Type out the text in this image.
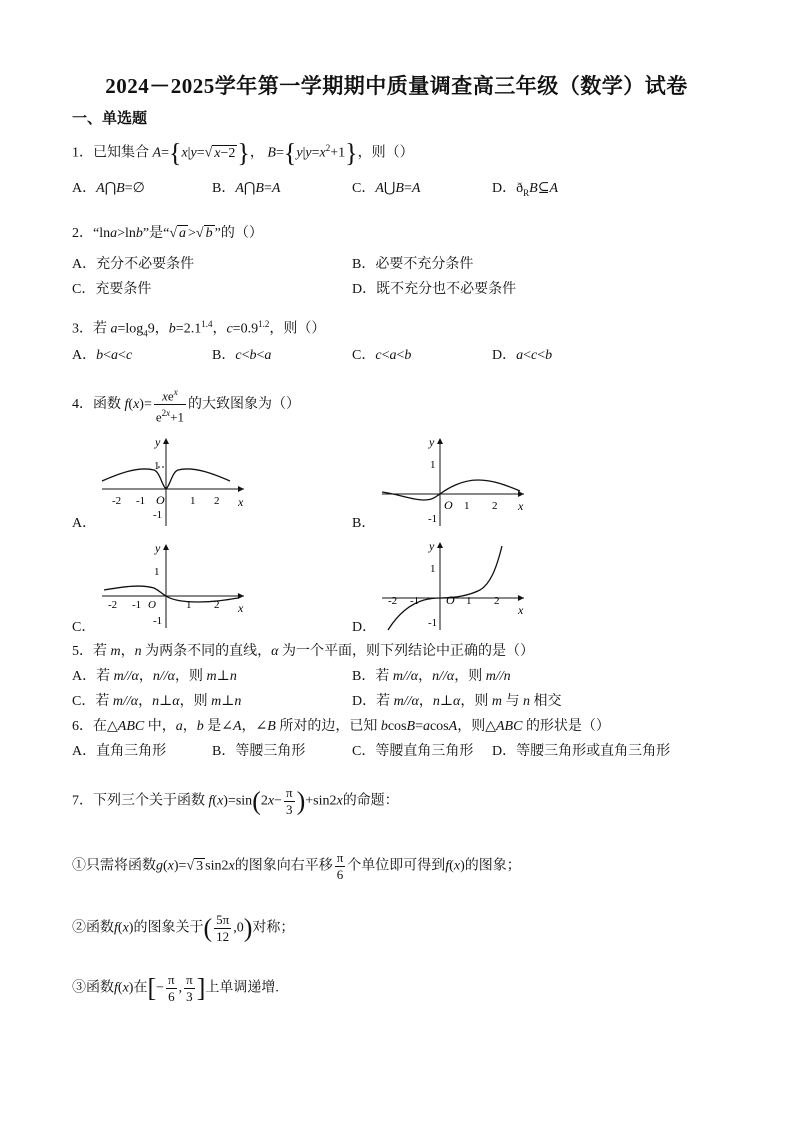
2024－2025学年第一学期期中质量调查高三年级（数学）试卷
一、单选题
1．已知集合 A={x|y=√ x−2}， $B=\{y|y=x^2+1\}$，则（）
A．A⋂B=∅	B．A⋂B=A	C．A⋃B=A	D．$ð_RB⊆A$
2．“lna>lnb”是“√ a >√ b ”的（）
A．充分不必要条件	B．必要不充分条件
C．充要条件	D．既不充分也不必要条件
3．若 $a=\log_49$，$b=2.1^{1.4}$，$c=0.9^{1.2}$，则（）
A．b<a<c	B．c<b<a	C．c<a<b	D．a<c<b
4．函数 $f(x)= \frac{xe^x}{e^{2x}+1}$ 的大致图象为（）
y
x
O
1
-1
-2 -1	1 2
A．
y
x
O
1
-1
1 2
B．
y
x
1
-1
-2 -1 O	1 2
C．
y
x
1
-1
-2 -1 O 1 2
D．
5．若 m，n 为两条不同的直线，α 为一个平面，则下列结论中正确的是（）
A．若 m//α，n//α，则 m⊥n	B．若 m//α，n//α，则 m//n
C．若 m//α，n⊥α，则 m⊥n	D．若 m//α，n⊥α，则 m 与 n 相交
6．在△ABC 中，a，b 是∠A，∠B 所对的边，已知 bcosB=acosA，则△ABC 的形状是（）
A．直角三角形	B．等腰三角形	C．等腰直角三角形 D．等腰三角形或直角三角形
7．下列三个关于函数 $f(x)=\sin(2x- \frac{\pi}{3} )+\sin 2x$的命题：
①只需将函数g(x)=√ 3 sin2x的图象向右平移 $\frac{\pi}{6}$ 个单位即可得到f(x)的图象；
②函数f(x)的图象关于( $\frac{5\pi}{12} ,0$)对称；
③函数f(x)在[− $\frac{\pi}{6}$ , $\frac{\pi}{3}$ ]上单调递增.
